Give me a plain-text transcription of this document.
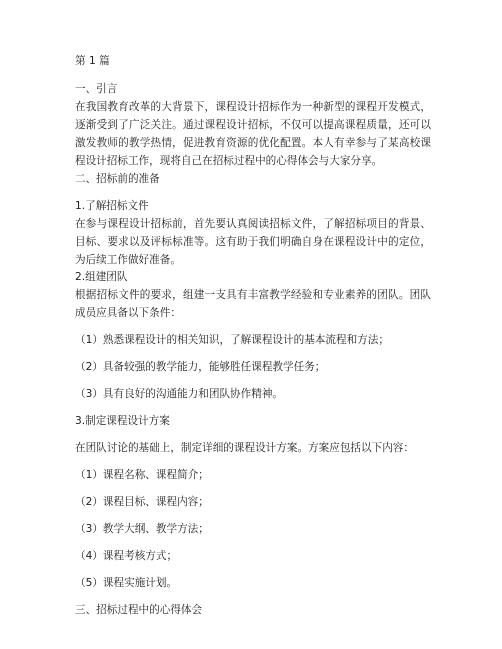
第 1 篇
一、引言
在我国教育改革的大背景下，课程设计招标作为一种新型的课程开发模式，逐渐受到了广泛关注。通过课程设计招标，不仅可以提高课程质量，还可以激发教师的教学热情，促进教育资源的优化配置。本人有幸参与了某高校课程设计招标工作，现将自己在招标过程中的心得体会与大家分享。
二、招标前的准备
1.了解招标文件
在参与课程设计招标前，首先要认真阅读招标文件，了解招标项目的背景、目标、要求以及评标标准等。这有助于我们明确自身在课程设计中的定位，为后续工作做好准备。
2.组建团队
根据招标文件的要求，组建一支具有丰富教学经验和专业素养的团队。团队成员应具备以下条件：
（1）熟悉课程设计的相关知识，了解课程设计的基本流程和方法；
（2）具备较强的教学能力，能够胜任课程教学任务；
（3）具有良好的沟通能力和团队协作精神。
3.制定课程设计方案
在团队讨论的基础上，制定详细的课程设计方案。方案应包括以下内容：
（1）课程名称、课程简介；
（2）课程目标、课程内容；
（3）教学大纲、教学方法；
（4）课程考核方式；
（5）课程实施计划。
三、招标过程中的心得体会
